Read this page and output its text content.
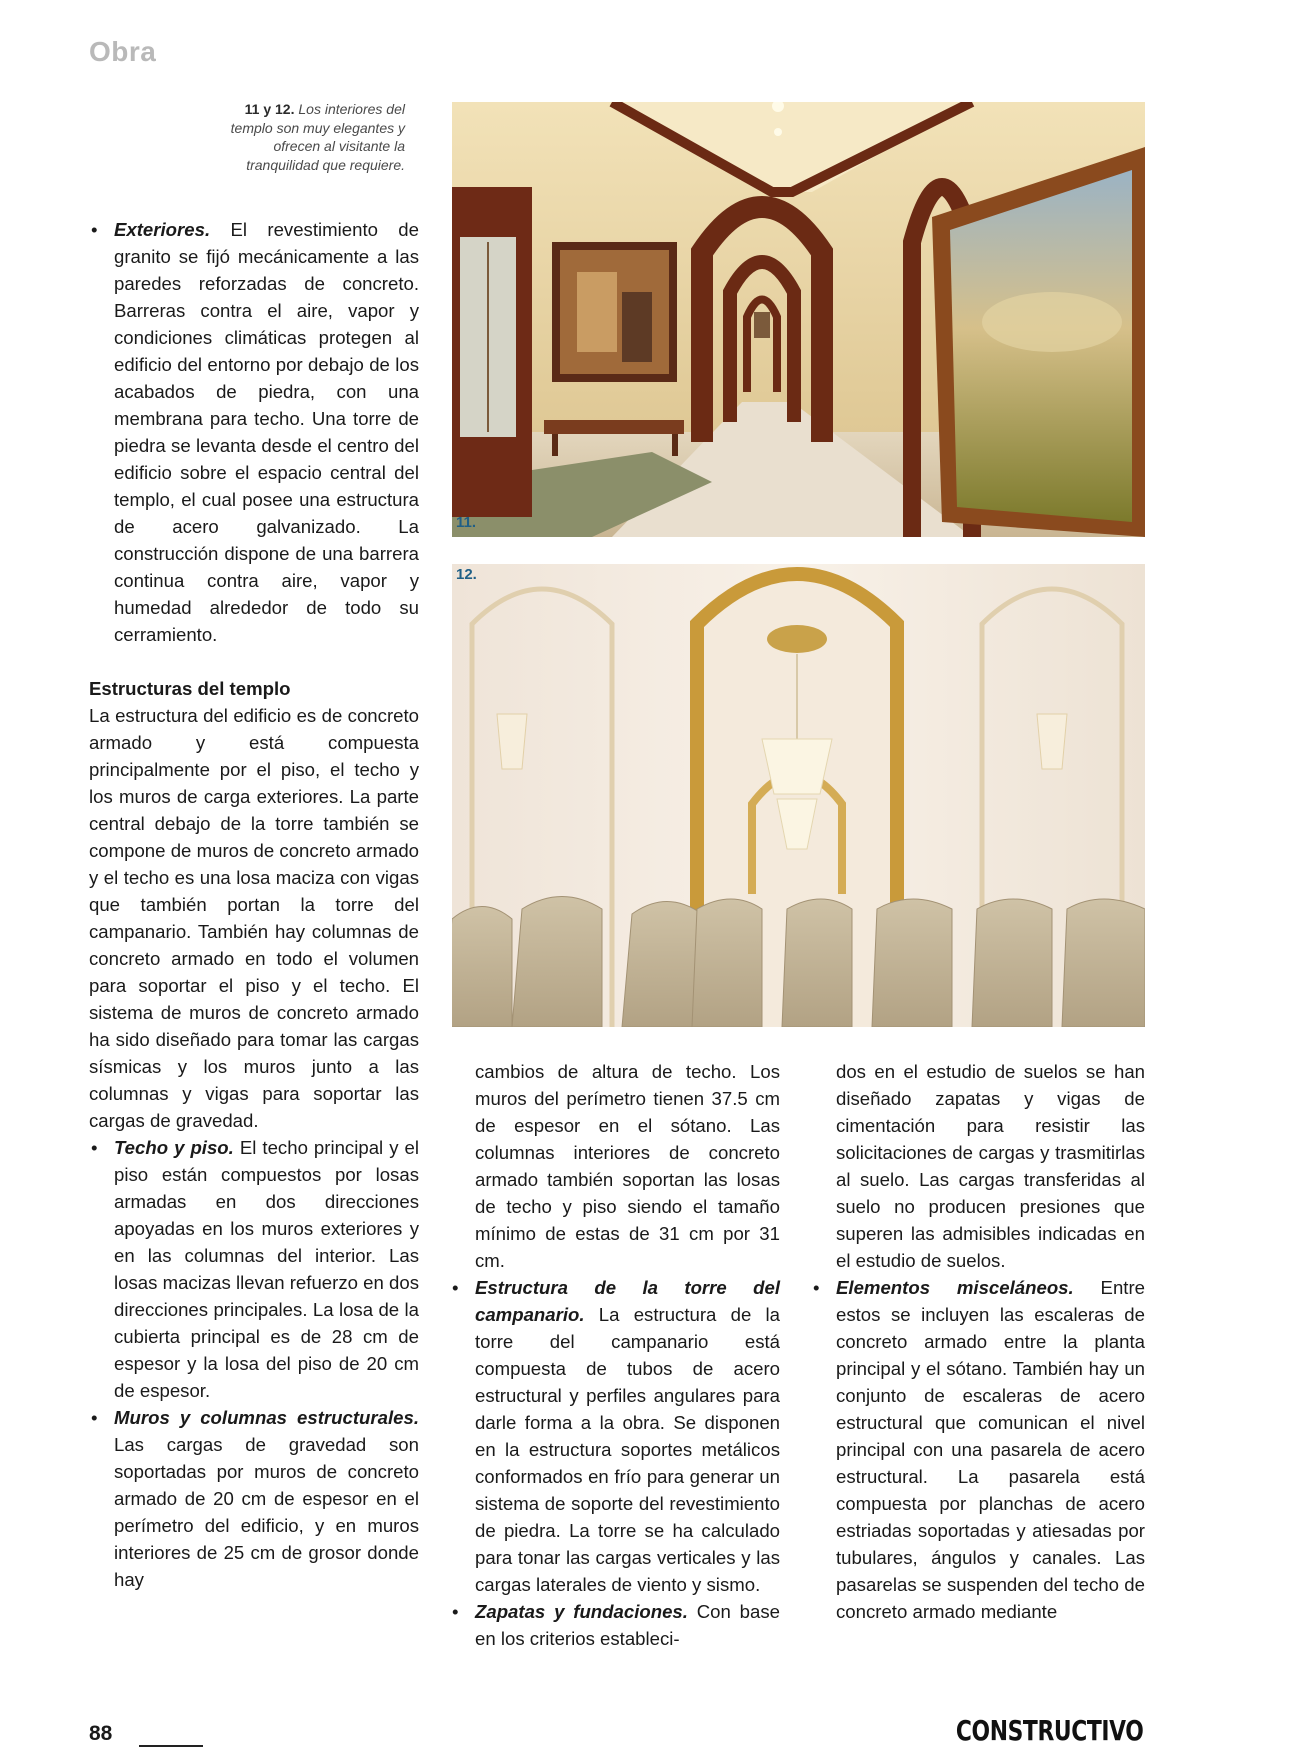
Obra
11 y 12. Los interiores del templo son muy elegantes y ofrecen al visitante la tranquilidad que requiere.
11.
12.

• Exteriores. El revestimiento de granito se fijó mecánicamente a las paredes reforzadas de concreto. Barreras contra el aire, vapor y condiciones climáticas protegen al edificio del entorno por debajo de los acabados de piedra, con una membrana para techo. Una torre de piedra se levanta desde el centro del edificio sobre el espacio central del templo, el cual posee una estructura de acero galvanizado. La construcción dispone de una barrera continua contra aire, vapor y humedad alrededor de todo su cerramiento.

Estructuras del templo

La estructura del edificio es de concreto armado y está compuesta principalmente por el piso, el techo y los muros de carga exteriores. La parte central debajo de la torre también se compone de muros de concreto armado y el techo es una losa maciza con vigas que también portan la torre del campanario. También hay columnas de concreto armado en todo el volumen para soportar el piso y el techo. El sistema de muros de concreto armado ha sido diseñado para tomar las cargas sísmicas y los muros junto a las columnas y vigas para soportar las cargas de gravedad.

• Techo y piso. El techo principal y el piso están compuestos por losas armadas en dos direcciones apoyadas en los muros exteriores y en las columnas del interior. Las losas macizas llevan refuerzo en dos direcciones principales. La losa de la cubierta principal es de 28 cm de espesor y la losa del piso de 20 cm de espesor.

• Muros y columnas estructurales. Las cargas de gravedad son soportadas por muros de concreto armado de 20 cm de espesor en el perímetro del edificio, y en muros interiores de 25 cm de grosor donde hay

cambios de altura de techo. Los muros del perímetro tienen 37.5 cm de espesor en el sótano. Las columnas interiores de concreto armado también soportan las losas de techo y piso siendo el tamaño mínimo de estas de 31 cm por 31 cm.

• Estructura de la torre del campanario. La estructura de la torre del campanario está compuesta de tubos de acero estructural y perfiles angulares para darle forma a la obra. Se disponen en la estructura soportes metálicos conformados en frío para generar un sistema de soporte del revestimiento de piedra. La torre se ha calculado para tonar las cargas verticales y las cargas laterales de viento y sismo.

• Zapatas y fundaciones. Con base en los criterios estableci-

dos en el estudio de suelos se han diseñado zapatas y vigas de cimentación para resistir las solicitaciones de cargas y trasmitirlas al suelo. Las cargas transferidas al suelo no producen presiones que superen las admisibles indicadas en el estudio de suelos.

• Elementos misceláneos. Entre estos se incluyen las escaleras de concreto armado entre la planta principal y el sótano. También hay un conjunto de escaleras de acero estructural que comunican el nivel principal con una pasarela de acero estructural. La pasarela está compuesta por planchas de acero estriadas soportadas y atiesadas por tubulares, ángulos y canales. Las pasarelas se suspenden del techo de concreto armado mediante

88	CONSTRUCTIVO
